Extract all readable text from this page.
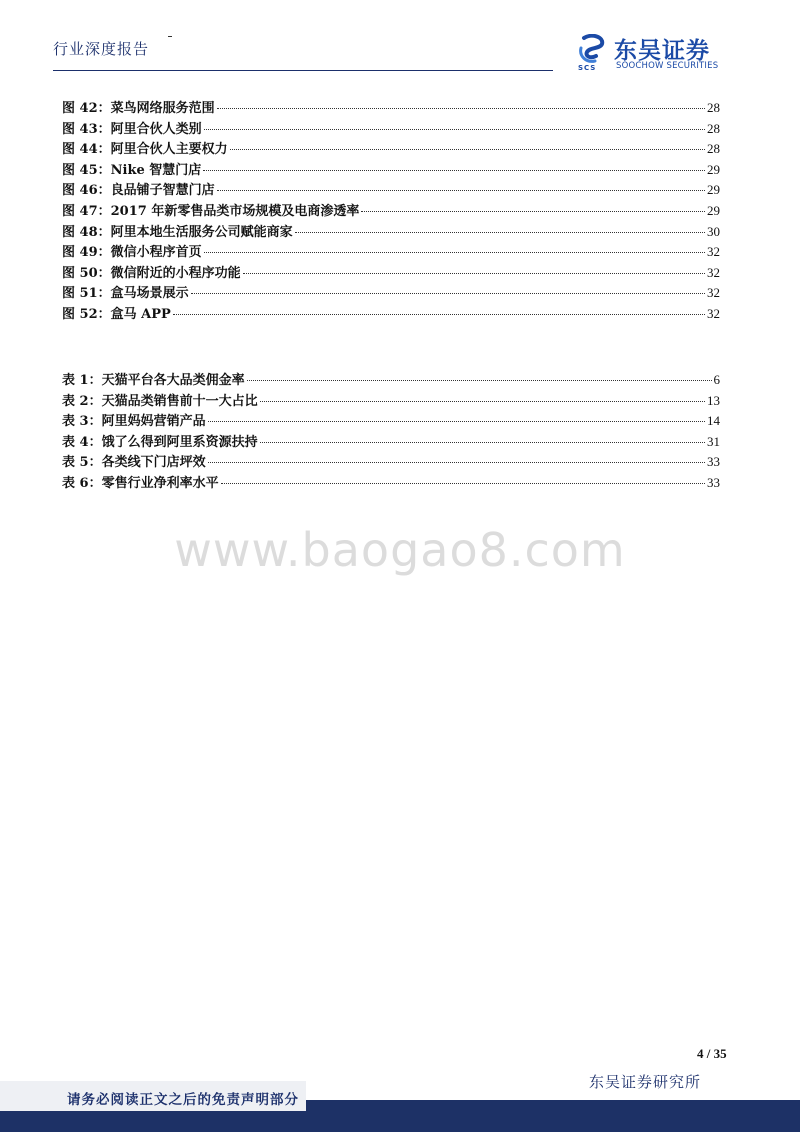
行业深度报告	东吴证券
SOOCHOW SECURITIES
SCS
图 42：菜鸟网络服务范围	28
图 43：阿里合伙人类别	28
图 44：阿里合伙人主要权力	28
图 45：Nike 智慧门店	29
图 46：良品铺子智慧门店	29
图 47：2017 年新零售品类市场规模及电商渗透率	29
图 48：阿里本地生活服务公司赋能商家	30
图 49：微信小程序首页	32
图 50：微信附近的小程序功能	32
图 51：盒马场景展示	32
图 52：盒马 APP	32
表 1：天猫平台各大品类佣金率	6
表 2：天猫品类销售前十一大占比	13
表 3：阿里妈妈营销产品	14
表 4：饿了么得到阿里系资源扶持	31
表 5：各类线下门店坪效	33
表 6：零售行业净利率水平	33
www.baogao8.com
4 / 35
东吴证券研究所
请务必阅读正文之后的免责声明部分
